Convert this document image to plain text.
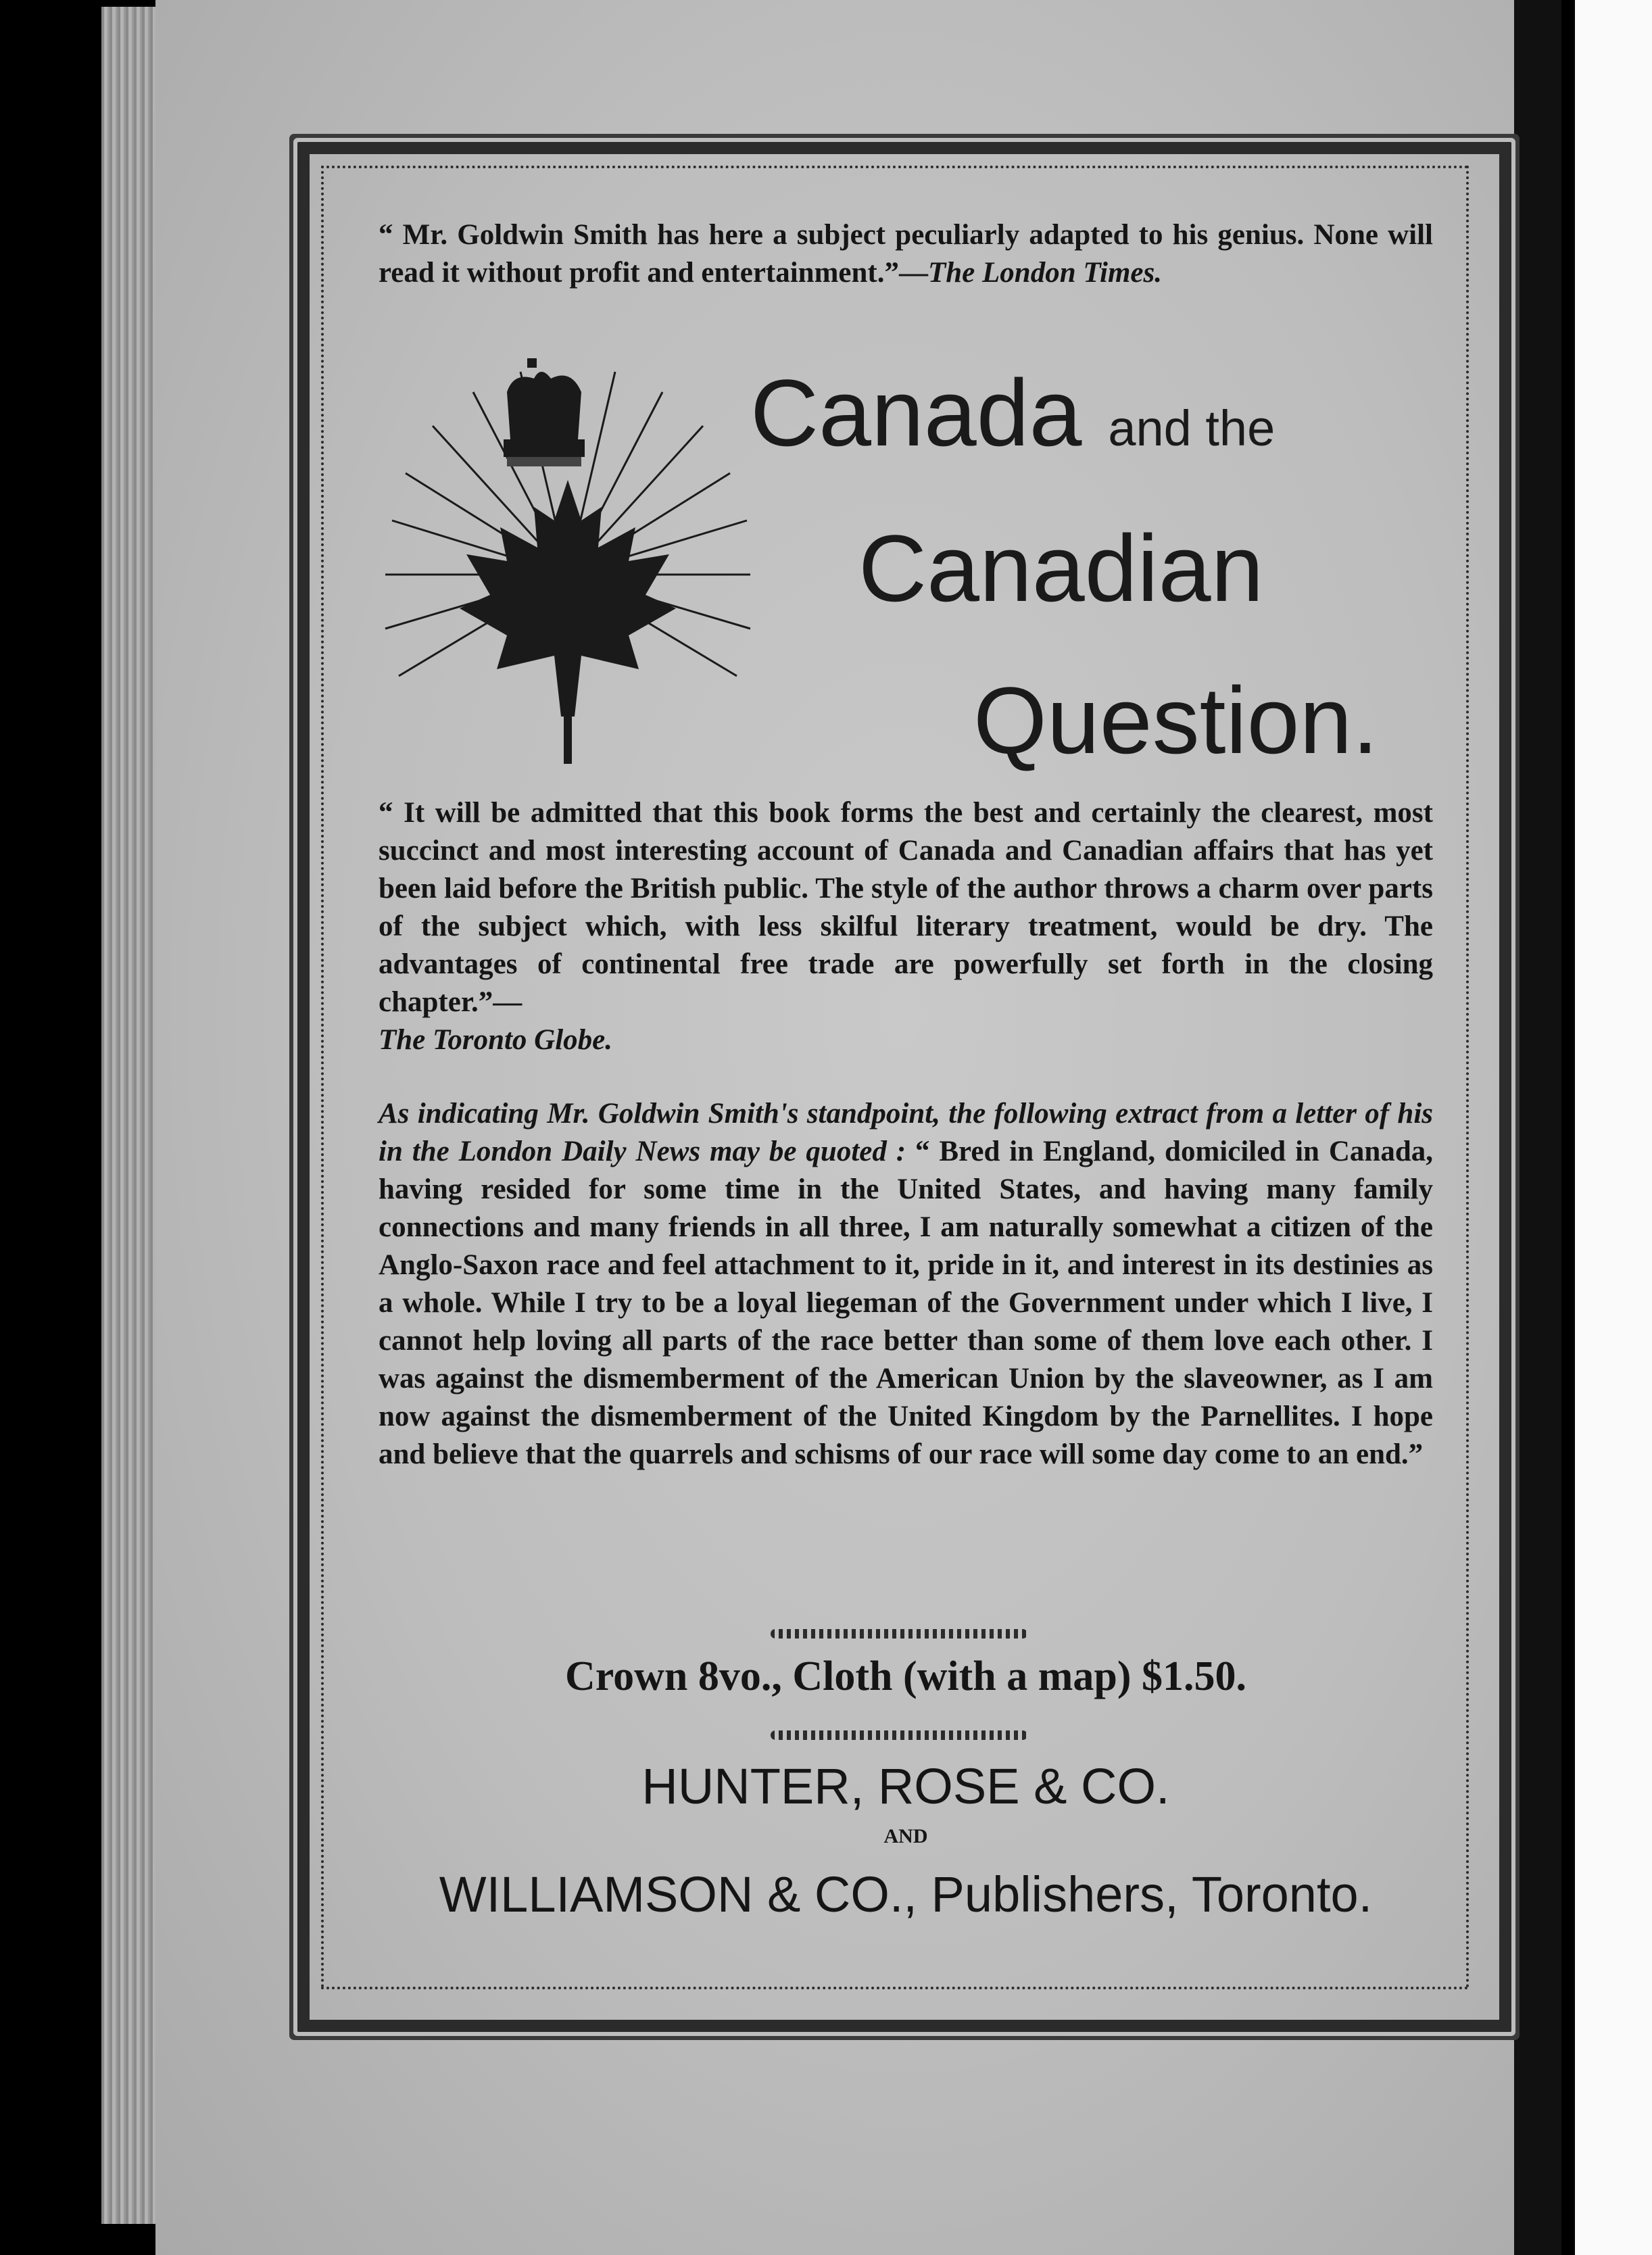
“ Mr. Goldwin Smith has here a subject peculiarly adapted to his genius. None will read it without profit and entertainment.”—The London Times.
Canada and the
Canadian
Question.
“ It will be admitted that this book forms the best and certainly the clearest, most succinct and most interesting account of Canada and Canadian affairs that has yet been laid before the British public. The style of the author throws a charm over parts of the subject which, with less skilful literary treatment, would be dry. The advantages of continental free trade are powerfully set forth in the closing chapter.”—
The Toronto Globe.
As indicating Mr. Goldwin Smith's standpoint, the following extract from a letter of his in the London Daily News may be quoted : “ Bred in England, domiciled in Canada, having resided for some time in the United States, and having many family connections and many friends in all three, I am naturally somewhat a citizen of the Anglo-Saxon race and feel attachment to it, pride in it, and interest in its destinies as a whole. While I try to be a loyal liegeman of the Government under which I live, I cannot help loving all parts of the race better than some of them love each other. I was against the dismemberment of the American Union by the slaveowner, as I am now against the dismemberment of the United Kingdom by the Parnellites. I hope and believe that the quarrels and schisms of our race will some day come to an end.”
Crown 8vo., Cloth (with a map) $1.50.
HUNTER, ROSE & CO.
AND
WILLIAMSON & CO., Publishers, Toronto.
